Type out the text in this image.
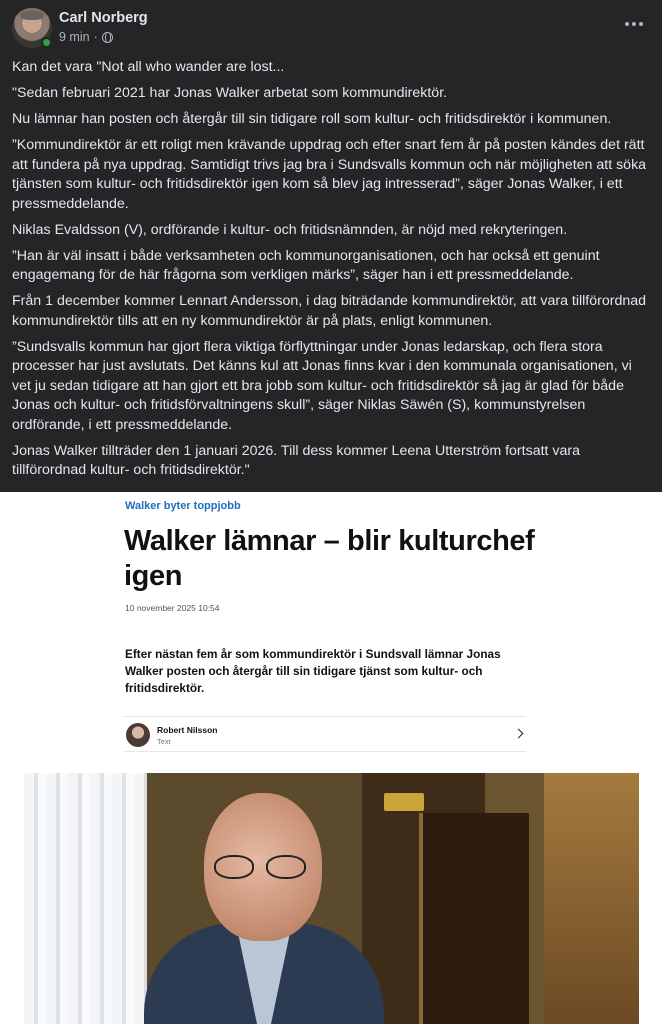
Carl Norberg
9 min ·

Kan det vara "Not all who wander are lost...

"Sedan februari 2021 har Jonas Walker arbetat som kommundirektör.

Nu lämnar han posten och återgår till sin tidigare roll som kultur- och fritidsdirektör i kommunen.

”Kommundirektör är ett roligt men krävande uppdrag och efter snart fem år på posten kändes det rätt att fundera på nya uppdrag. Samtidigt trivs jag bra i Sundsvalls kommun och när möjligheten att söka tjänsten som kultur- och fritidsdirektör igen kom så blev jag intresserad”, säger Jonas Walker, i ett pressmeddelande.

Niklas Evaldsson (V), ordförande i kultur- och fritidsnämnden, är nöjd med rekryteringen.

”Han är väl insatt i både verksamheten och kommunorganisationen, och har också ett genuint engagemang för de här frågorna som verkligen märks”, säger han i ett pressmeddelande.

Från 1 december kommer Lennart Andersson, i dag biträdande kommundirektör, att vara tillförordnad kommundirektör tills att en ny kommundirektör är på plats, enligt kommunen.

”Sundsvalls kommun har gjort flera viktiga förflyttningar under Jonas ledarskap, och flera stora processer har just avslutats. Det känns kul att Jonas finns kvar i den kommunala organisationen, vi vet ju sedan tidigare att han gjort ett bra jobb som kultur- och fritidsdirektör så jag är glad för både Jonas och kultur- och fritidsförvaltningens skull”, säger Niklas Säwén (S), kommunstyrelsen ordförande, i ett pressmeddelande.

Jonas Walker tillträder den 1 januari 2026. Till dess kommer Leena Utterström fortsatt vara tillförordnad kultur- och fritidsdirektör."

Walker byter toppjobb
Walker lämnar – blir kulturchef igen
10 november 2025 10:54
Efter nästan fem år som kommundirektör i Sundsvall lämnar Jonas Walker posten och återgår till sin tidigare tjänst som kultur- och fritidsdirektör.
Robert Nilsson
Text
